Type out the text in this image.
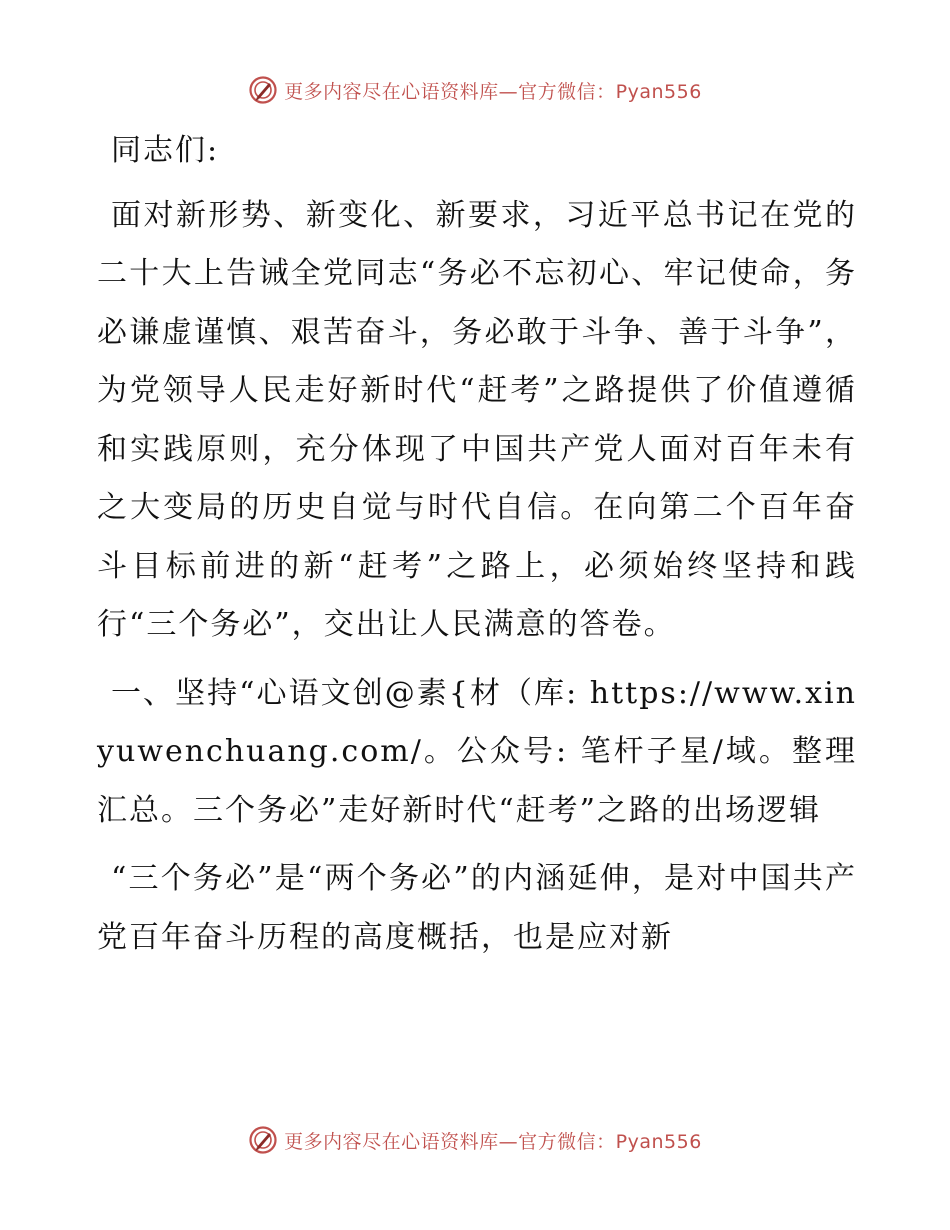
更多内容尽在心语资料库—官方微信：Pyan556

同志们:

面对新形势、新变化、新要求，习近平总书记在党的二十大上告诫全党同志“务必不忘初心、牢记使命，务必谦虚谨慎、艰苦奋斗，务必敢于斗争、善于斗争”，为党领导人民走好新时代“赶考”之路提供了价值遵循和实践原则，充分体现了中国共产党人面对百年未有之大变局的历史自觉与时代自信。在向第二个百年奋斗目标前进的新“赶考”之路上，必须始终坚持和践行“三个务必”，交出让人民满意的答卷。

一、坚持“心语文创@素{材（库: https://www.xinyuwenchuang.com/。公众号: 笔杆子星/域。整理汇总。三个务必”走好新时代“赶考”之路的出场逻辑

“三个务必”是“两个务必”的内涵延伸，是对中国共产党百年奋斗历程的高度概括，也是应对新

更多内容尽在心语资料库—官方微信：Pyan556
